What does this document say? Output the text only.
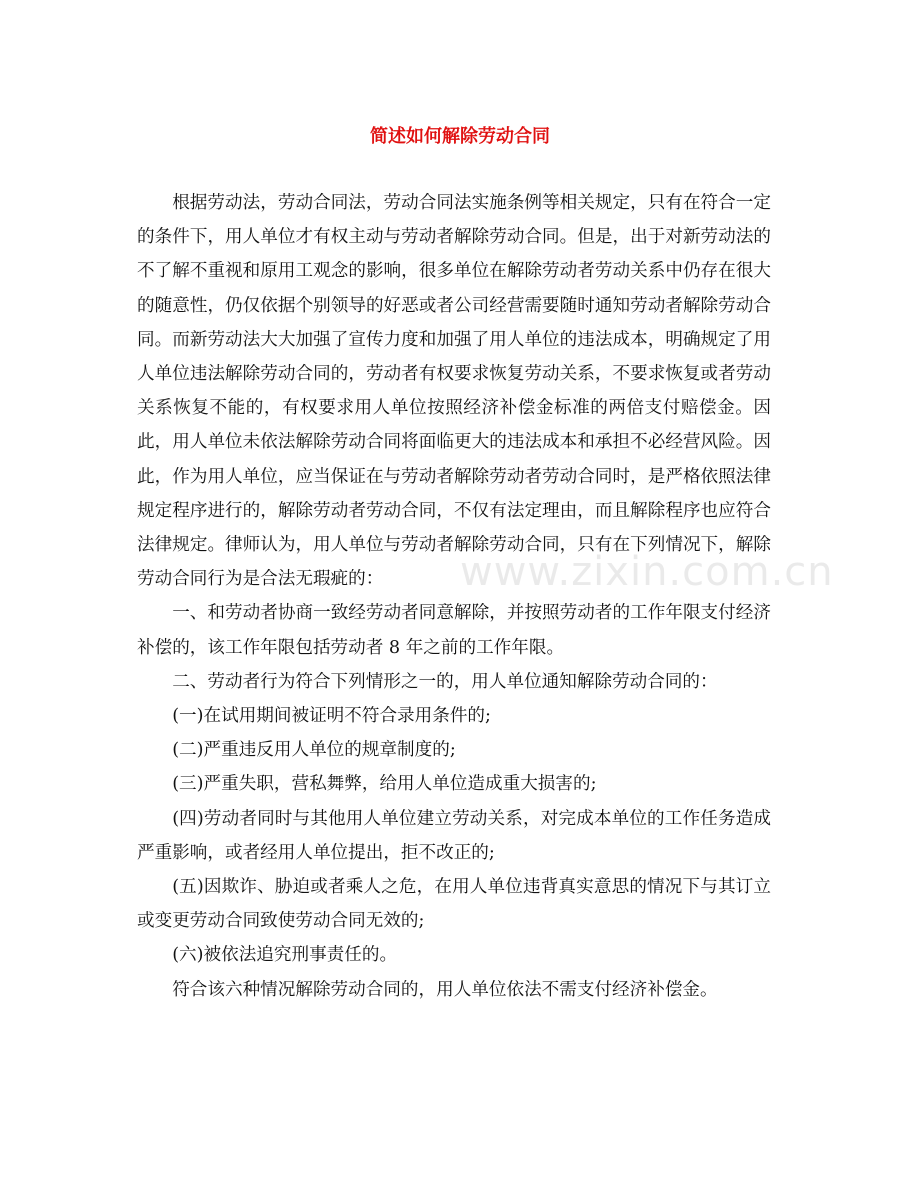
简述如何解除劳动合同

根据劳动法，劳动合同法，劳动合同法实施条例等相关规定，只有在符合一定的条件下，用人单位才有权主动与劳动者解除劳动合同。但是，出于对新劳动法的不了解不重视和原用工观念的影响，很多单位在解除劳动者劳动关系中仍存在很大的随意性，仍仅依据个别领导的好恶或者公司经营需要随时通知劳动者解除劳动合同。而新劳动法大大加强了宣传力度和加强了用人单位的违法成本，明确规定了用人单位违法解除劳动合同的，劳动者有权要求恢复劳动关系，不要求恢复或者劳动关系恢复不能的，有权要求用人单位按照经济补偿金标准的两倍支付赔偿金。因此，用人单位未依法解除劳动合同将面临更大的违法成本和承担不必经营风险。因此，作为用人单位，应当保证在与劳动者解除劳动者劳动合同时，是严格依照法律规定程序进行的，解除劳动者劳动合同，不仅有法定理由，而且解除程序也应符合法律规定。律师认为，用人单位与劳动者解除劳动合同，只有在下列情况下，解除劳动合同行为是合法无瑕疵的：

一、和劳动者协商一致经劳动者同意解除，并按照劳动者的工作年限支付经济补偿的，该工作年限包括劳动者 8 年之前的工作年限。

二、劳动者行为符合下列情形之一的，用人单位通知解除劳动合同的：

(一)在试用期间被证明不符合录用条件的;

(二)严重违反用人单位的规章制度的;

(三)严重失职，营私舞弊，给用人单位造成重大损害的;

(四)劳动者同时与其他用人单位建立劳动关系，对完成本单位的工作任务造成严重影响，或者经用人单位提出，拒不改正的;

(五)因欺诈、胁迫或者乘人之危，在用人单位违背真实意思的情况下与其订立或变更劳动合同致使劳动合同无效的;

(六)被依法追究刑事责任的。

符合该六种情况解除劳动合同的，用人单位依法不需支付经济补偿金。

www.zixin.com.cn
